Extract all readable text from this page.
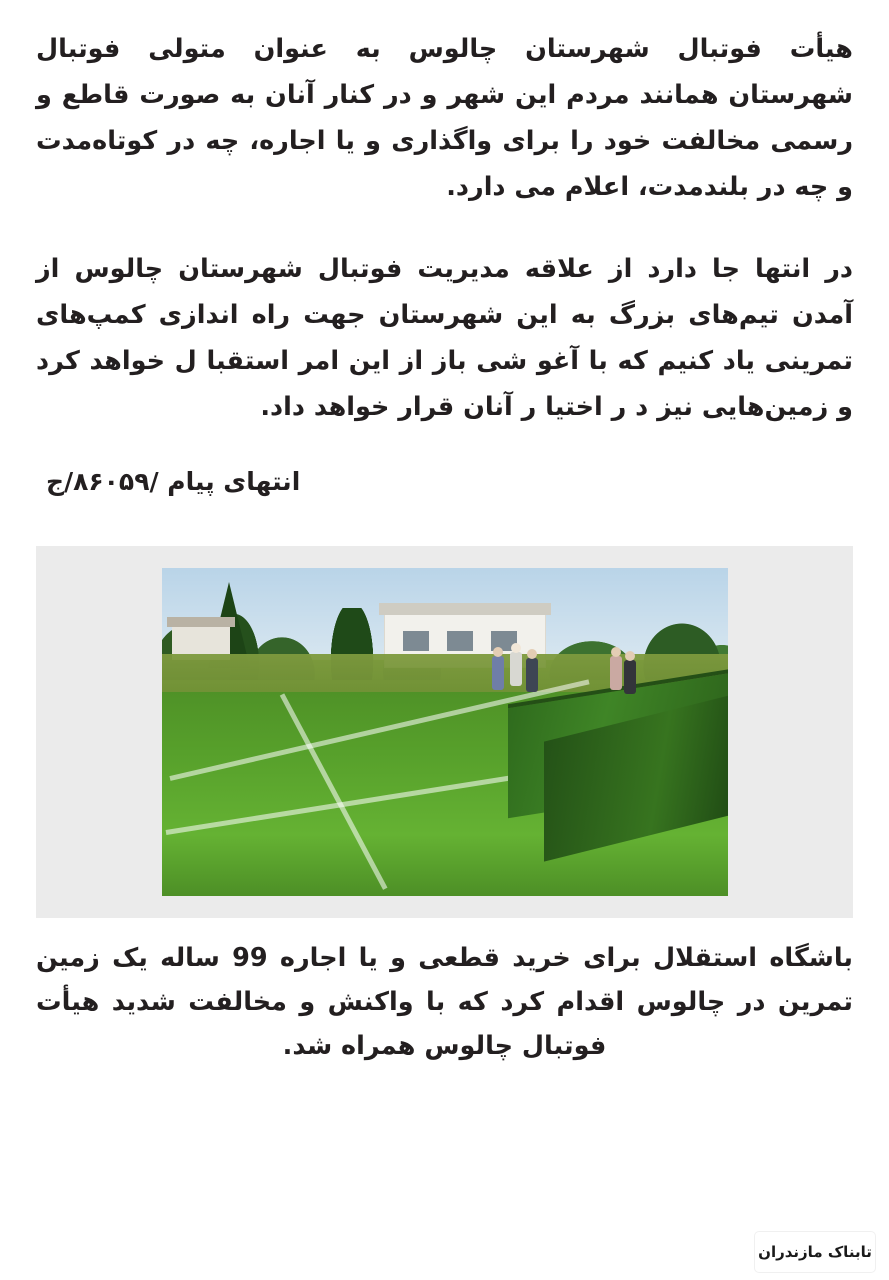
هیأت فوتبال شهرستان چالوس به عنوان متولی فوتبال شهرستان همانند مردم این شهر و در کنار آنان به صورت قاطع و رسمی مخالفت خود را برای واگذاری و یا اجاره، چه در کوتاه‌مدت و چه در بلندمدت، اعلام می دارد.

در انتها جا دارد از علاقه مدیریت فوتبال شهرستان چالوس از آمدن تیم‌های بزرگ به این شهرستان جهت راه اندازی کمپ‌های تمرینی یاد کنیم که با آغو شی باز از این امر استقبا ل خواهد کرد و زمین‌هایی نیز د ر اختیا ر آنان قرار خواهد داد.

انتهای پیام /۸۶۰۵۹/ج

باشگاه استقلال برای خرید قطعی و یا اجاره 99 ساله یک زمین تمرین در چالوس اقدام کرد که با واکنش و مخالفت شدید هیأت فوتبال چالوس همراه شد.

تابناک مازندران
